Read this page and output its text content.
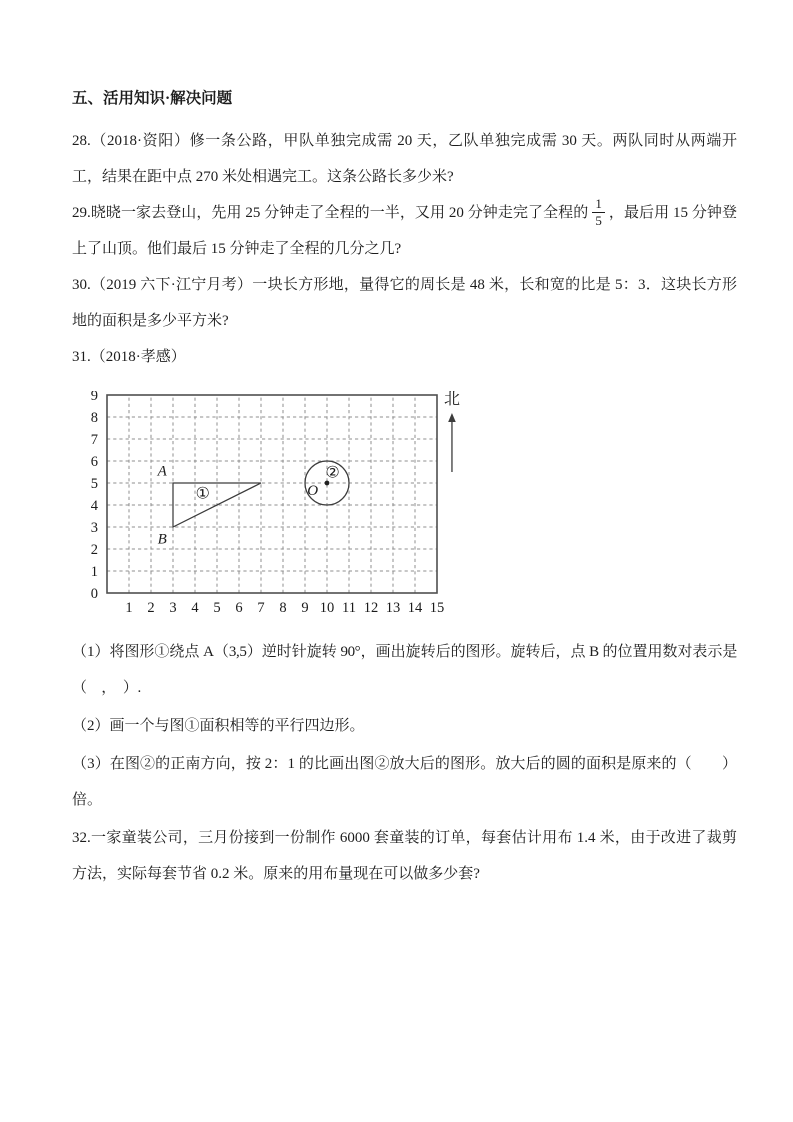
五、活用知识·解决问题

28.（2018·资阳）修一条公路，甲队单独完成需 20 天，乙队单独完成需 30 天。两队同时从两端开工，结果在距中点 270 米处相遇完工。这条公路长多少米?

29.晓晓一家去登山，先用 25 分钟走了全程的一半，又用 20 分钟走完了全程的 $\frac{1}{5}$ ，最后用 15 分钟登上了山顶。他们最后 15 分钟走了全程的几分之几?

30.（2019 六下·江宁月考）一块长方形地，量得它的周长是 48 米，长和宽的比是 5：3．这块长方形地的面积是多少平方米?

31.（2018·孝感）

1 2 3 4 5 6 7 8 9 10 11 12 13 14 15
0
1
2
3
4
5
6
7
8
9
A
B
①	O
②
北

（1）将图形①绕点 A（3,5）逆时针旋转 90°，画出旋转后的图形。旋转后，点 B 的位置用数对表示是（　，　）.

（2）画一个与图①面积相等的平行四边形。

（3）在图②的正南方向，按 2：1 的比画出图②放大后的图形。放大后的圆的面积是原来的（　　）倍。

32.一家童装公司，三月份接到一份制作 6000 套童装的订单，每套估计用布 1.4 米，由于改进了裁剪方法，实际每套节省 0.2 米。原来的用布量现在可以做多少套?
